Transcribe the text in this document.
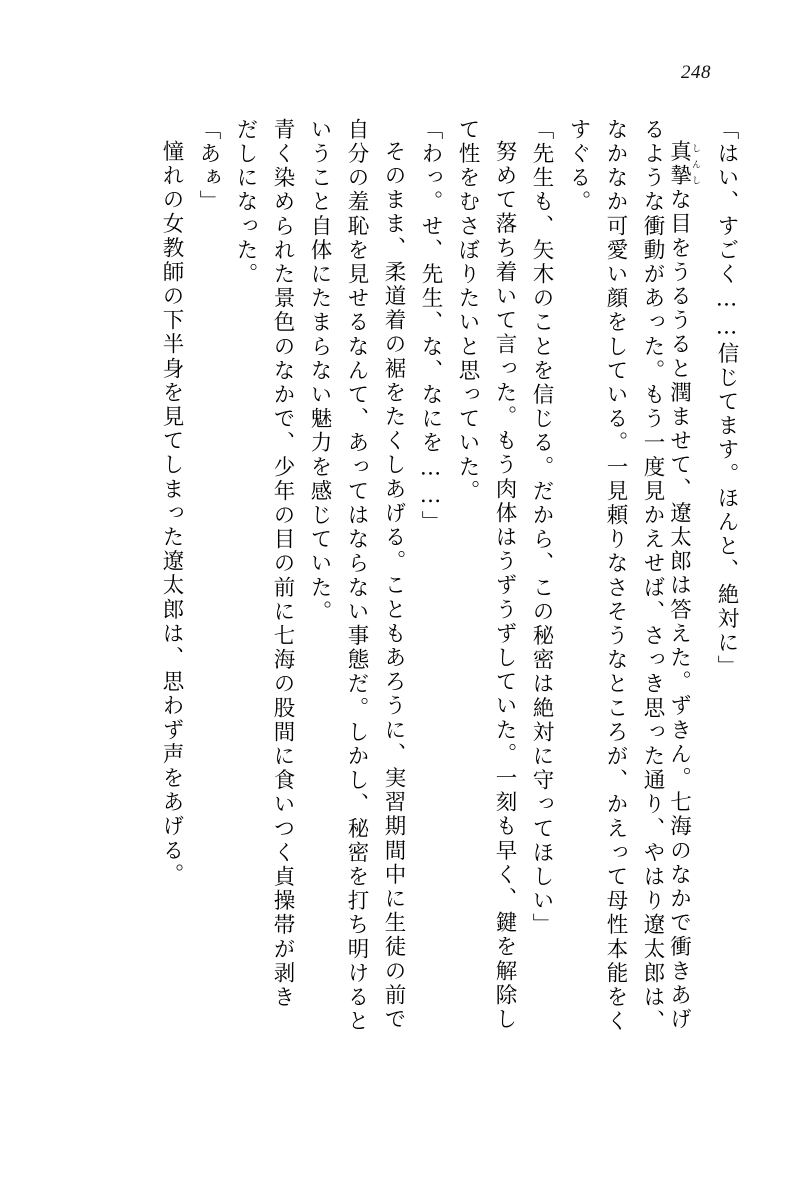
248
「はい、すごく……信じてます。ほんと、絶対に」
真摯しんしな目をうるうると潤ませて、遼太郎は答えた。ずきん。七海のなかで衝きあげ
るような衝動があった。もう一度見かえせば、さっき思った通り、やはり遼太郎は、
なかなか可愛い顔をしている。一見頼りなさそうなところが、かえって母性本能をく
すぐる。
「先生も、矢木のことを信じる。だから、この秘密は絶対に守ってほしい」
努めて落ち着いて言った。もう肉体はうずうずしていた。一刻も早く、鍵を解除し
て性をむさぼりたいと思っていた。
「わっ。せ、先生、な、なにを……」
そのまま、柔道着の裾をたくしあげる。こともあろうに、実習期間中に生徒の前で
自分の羞恥を見せるなんて、あってはならない事態だ。しかし、秘密を打ち明けると
いうこと自体にたまらない魅力を感じていた。
青く染められた景色のなかで、少年の目の前に七海の股間に食いつく貞操帯が剥き
だしになった。
「あぁ」
憧れの女教師の下半身を見てしまった遼太郎は、思わず声をあげる。
